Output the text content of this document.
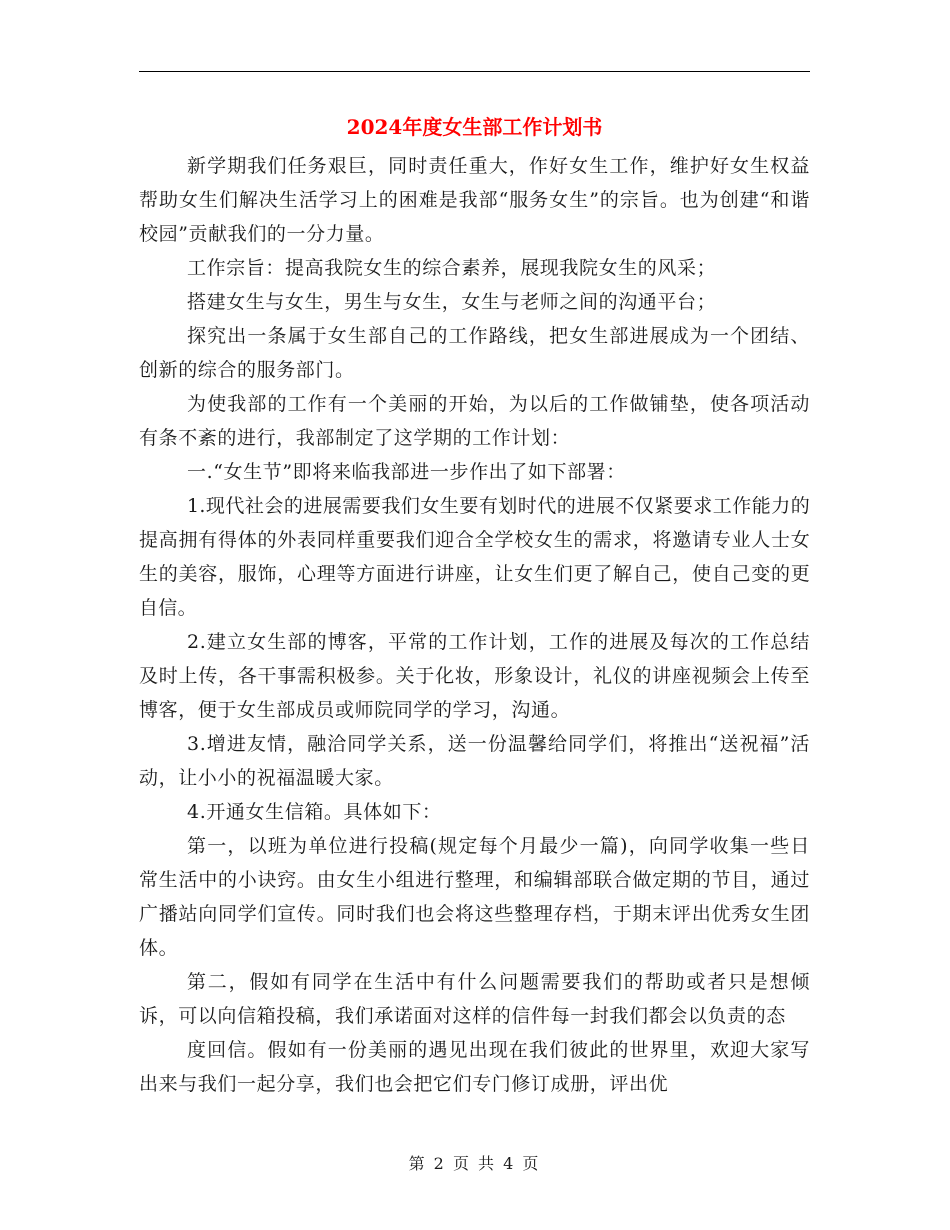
2024年度女生部工作计划书

新学期我们任务艰巨，同时责任重大，作好女生工作，维护好女生权益帮助女生们解决生活学习上的困难是我部“服务女生”的宗旨。也为创建“和谐校园”贡献我们的一分力量。

工作宗旨：提高我院女生的综合素养，展现我院女生的风采；

搭建女生与女生，男生与女生，女生与老师之间的沟通平台；

探究出一条属于女生部自己的工作路线，把女生部进展成为一个团结、创新的综合的服务部门。

为使我部的工作有一个美丽的开始，为以后的工作做铺垫，使各项活动有条不紊的进行，我部制定了这学期的工作计划：

一.“女生节”即将来临我部进一步作出了如下部署：

1.现代社会的进展需要我们女生要有划时代的进展不仅紧要求工作能力的提高拥有得体的外表同样重要我们迎合全学校女生的需求，将邀请专业人士女生的美容，服饰，心理等方面进行讲座，让女生们更了解自己，使自己变的更自信。

2.建立女生部的博客，平常的工作计划，工作的进展及每次的工作总结及时上传，各干事需积极参。关于化妆，形象设计，礼仪的讲座视频会上传至博客，便于女生部成员或师院同学的学习，沟通。

3.增进友情，融洽同学关系，送一份温馨给同学们，将推出“送祝福”活动，让小小的祝福温暖大家。

4.开通女生信箱。具体如下：

第一，以班为单位进行投稿(规定每个月最少一篇)，向同学收集一些日常生活中的小诀窍。由女生小组进行整理，和编辑部联合做定期的节目，通过广播站向同学们宣传。同时我们也会将这些整理存档，于期末评出优秀女生团体。

第二，假如有同学在生活中有什么问题需要我们的帮助或者只是想倾诉，可以向信箱投稿，我们承诺面对这样的信件每一封我们都会以负责的态

度回信。假如有一份美丽的遇见出现在我们彼此的世界里，欢迎大家写出来与我们一起分享，我们也会把它们专门修订成册，评出优

第 2 页 共 4 页
